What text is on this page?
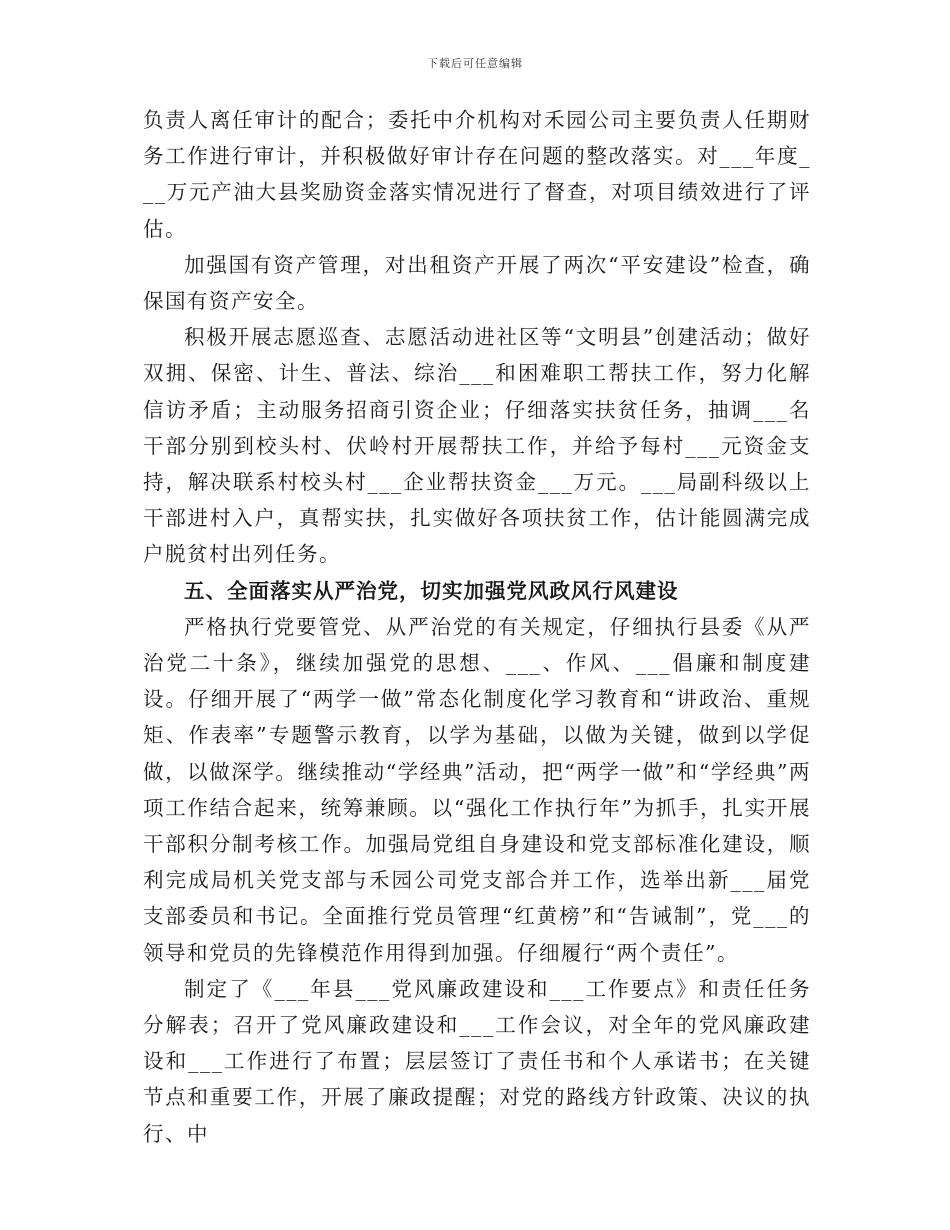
下载后可任意编辑

负责人离任审计的配合；委托中介机构对禾园公司主要负责人任期财务工作进行审计，并积极做好审计存在问题的整改落实。对___年度___万元产油大县奖励资金落实情况进行了督查，对项目绩效进行了评估。

加强国有资产管理，对出租资产开展了两次“平安建设”检查，确保国有资产安全。

积极开展志愿巡查、志愿活动进社区等“文明县”创建活动；做好双拥、保密、计生、普法、综治___和困难职工帮扶工作，努力化解信访矛盾；主动服务招商引资企业；仔细落实扶贫任务，抽调___名干部分别到校头村、伏岭村开展帮扶工作，并给予每村___元资金支持，解决联系村校头村___企业帮扶资金___万元。___局副科级以上干部进村入户，真帮实扶，扎实做好各项扶贫工作，估计能圆满完成户脱贫村出列任务。

五、全面落实从严治党，切实加强党风政风行风建设

严格执行党要管党、从严治党的有关规定，仔细执行县委《从严治党二十条》，继续加强党的思想、___、作风、___倡廉和制度建设。仔细开展了“两学一做”常态化制度化学习教育和“讲政治、重规矩、作表率”专题警示教育，以学为基础，以做为关键，做到以学促做，以做深学。继续推动“学经典”活动，把“两学一做”和“学经典”两项工作结合起来，统筹兼顾。以“强化工作执行年”为抓手，扎实开展干部积分制考核工作。加强局党组自身建设和党支部标准化建设，顺利完成局机关党支部与禾园公司党支部合并工作，选举出新___届党支部委员和书记。全面推行党员管理“红黄榜”和“告诫制”，党___的领导和党员的先锋模范作用得到加强。仔细履行“两个责任”。

制定了《___年县___党风廉政建设和___工作要点》和责任任务分解表；召开了党风廉政建设和___工作会议，对全年的党风廉政建设和___工作进行了布置；层层签订了责任书和个人承诺书；在关键节点和重要工作，开展了廉政提醒；对党的路线方针政策、决议的执行、中
